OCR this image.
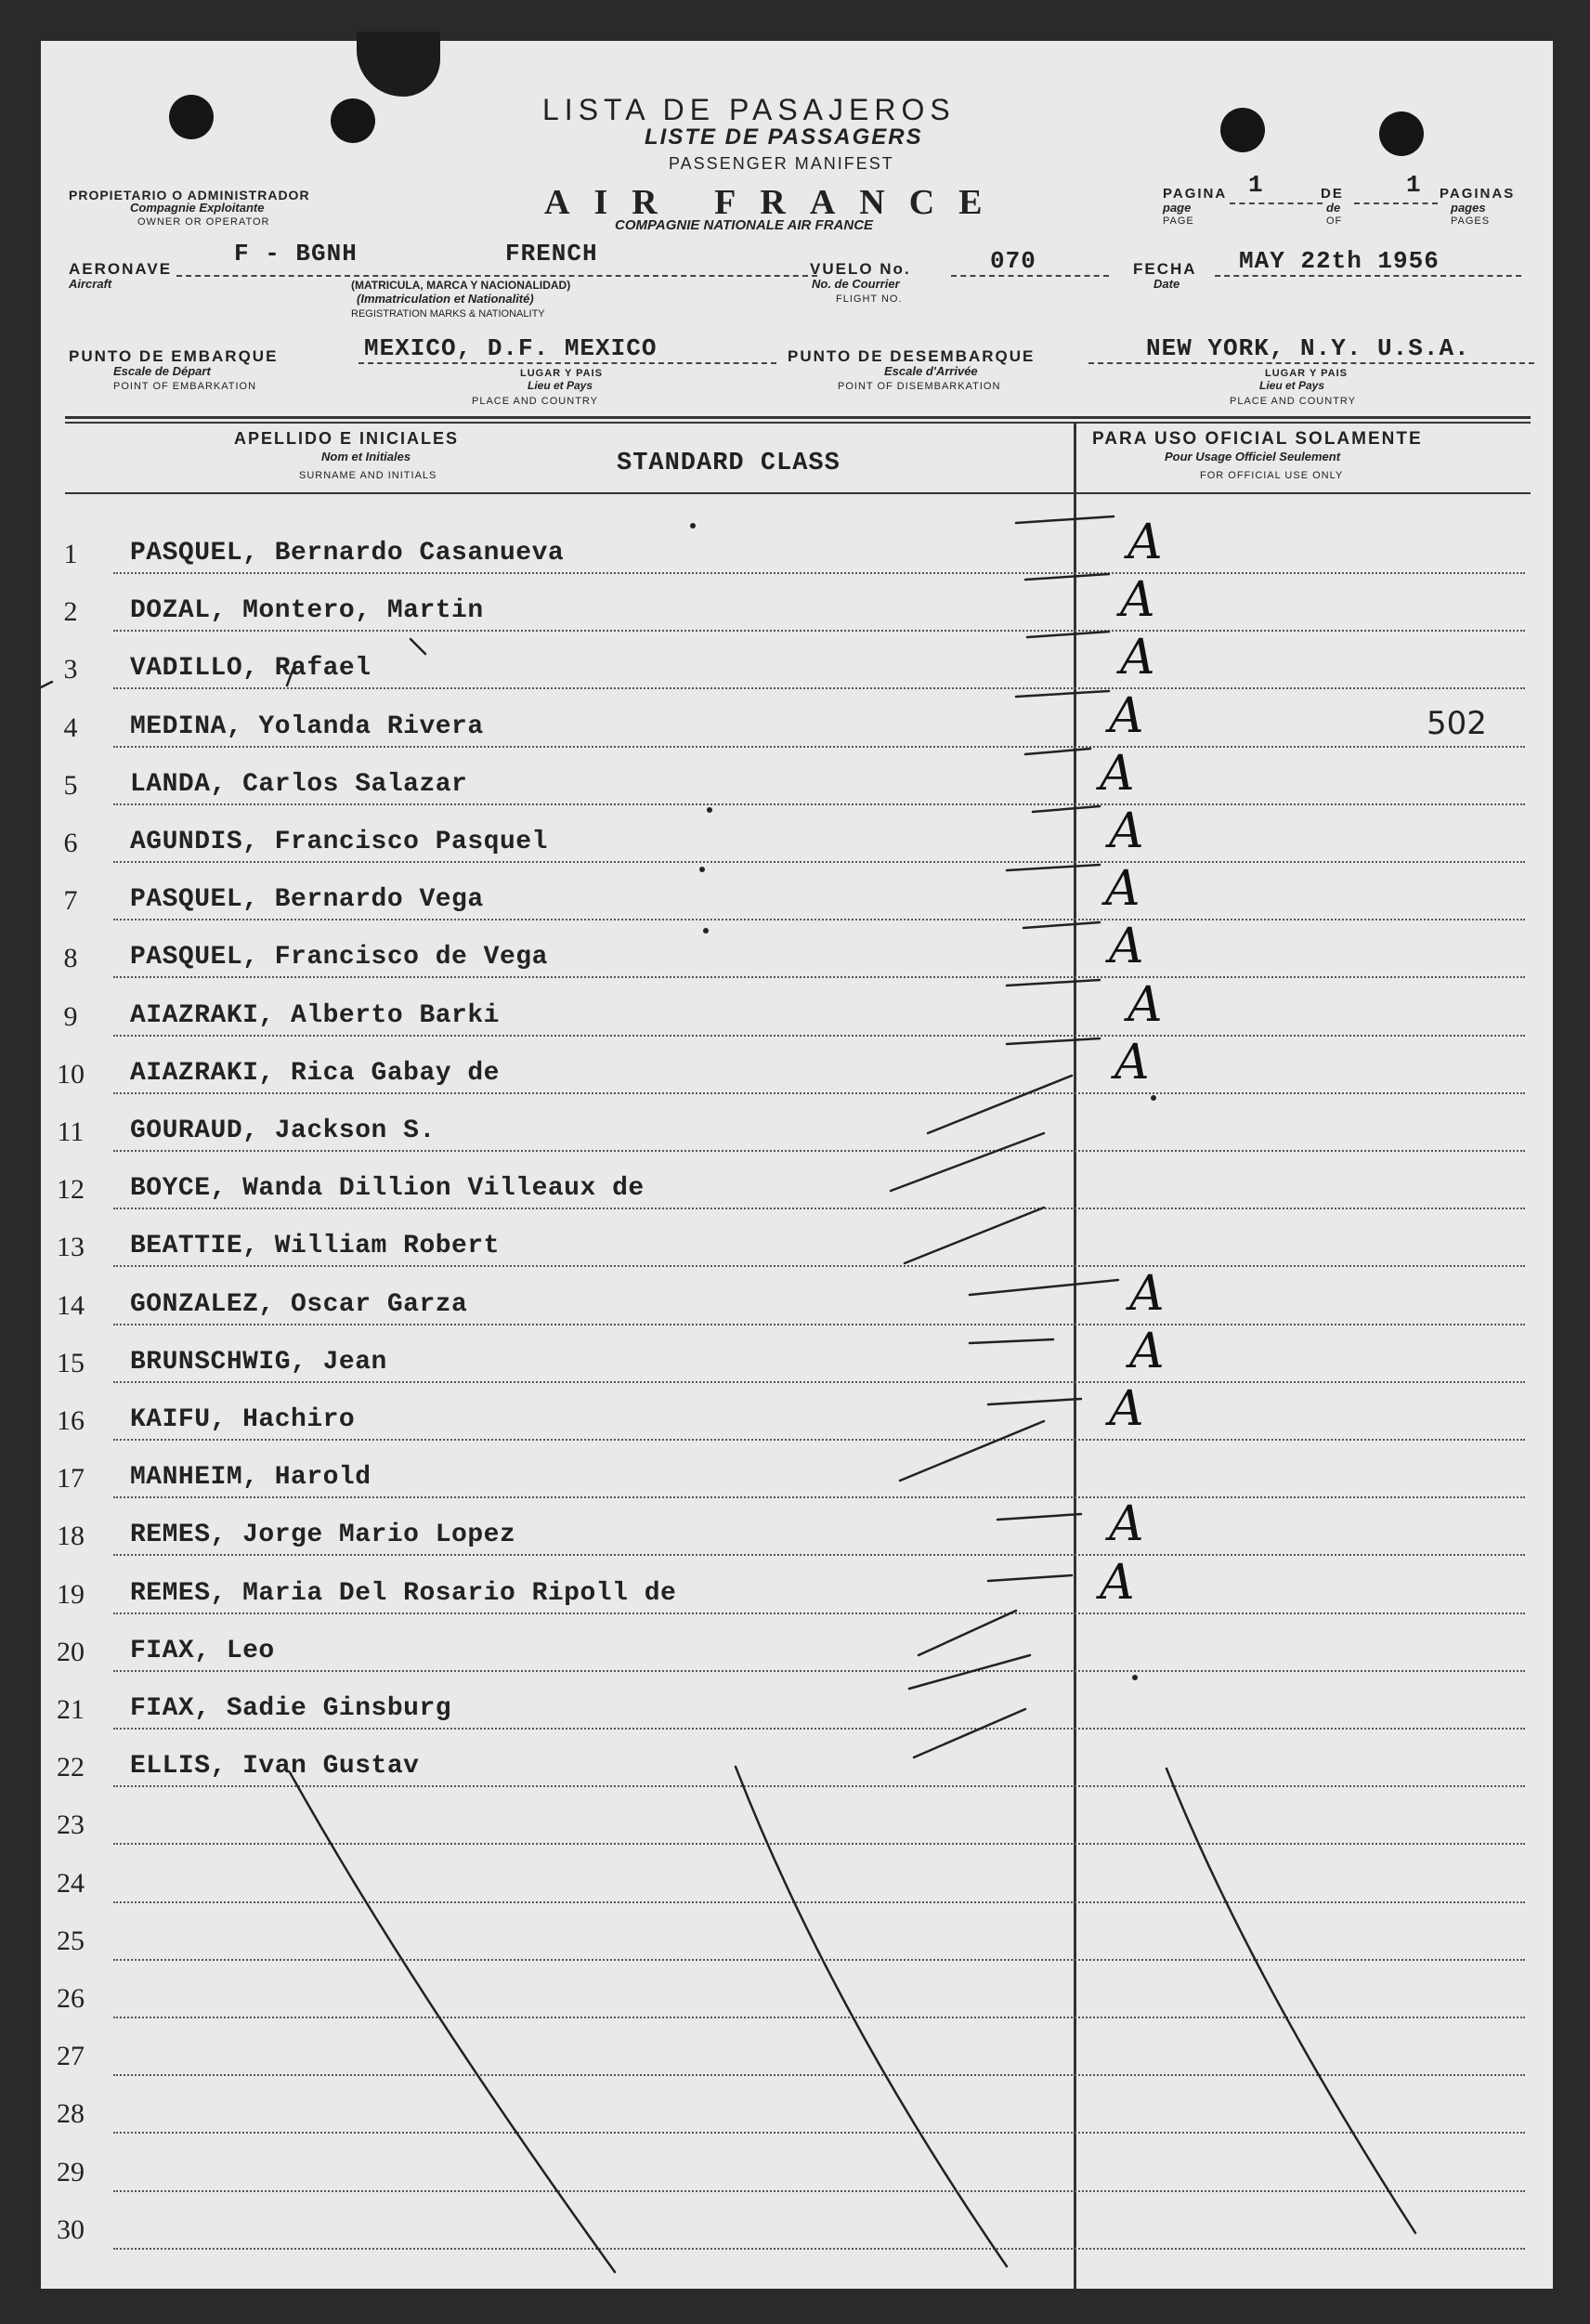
LISTA DE PASAJEROS
LISTE DE PASSAGERS
PASSENGER MANIFEST
PROPIETARIO O ADMINISTRADOR
Compagnie Exploitante
OWNER OR OPERATOR	AIR FRANCE
COMPAGNIE NATIONALE AIR FRANCE
PAGINA
page
PAGE
1	DE
de
OF
1 PAGINAS
pages
PAGES
AERONAVE
Aircraft
F - BGNH	FRENCH
(MATRICULA, MARCA Y NACIONALIDAD)
(Immatriculation et Nationalité)
REGISTRATION MARKS & NATIONALITY
VUELO No.
No. de Courrier
FLIGHT NO.
070	FECHA
Date
MAY 22th 1956
PUNTO DE EMBARQUE
Escale de Départ
POINT OF EMBARKATION
MEXICO, D.F. MEXICO
LUGAR Y PAIS
Lieu et Pays
PLACE AND COUNTRY
PUNTO DE DESEMBARQUE
Escale d'Arrivée
POINT OF DISEMBARKATION
NEW YORK, N.Y. U.S.A.
LUGAR Y PAIS
Lieu et Pays
PLACE AND COUNTRY
APELLIDO E INICIALES
Nom et Initiales
SURNAME AND INITIALS	STANDARD CLASS
PARA USO OFICIAL SOLAMENTE
Pour Usage Officiel Seulement
FOR OFFICIAL USE ONLY
1	PASQUEL, Bernardo Casanueva	A
2	DOZAL, Montero, Martin	A
3	VADILLO, Rafael	A
4	MEDINA, Yolanda Rivera	A	502
5	LANDA, Carlos Salazar	A
6	AGUNDIS, Francisco Pasquel	A
7	PASQUEL, Bernardo Vega	A
8	PASQUEL, Francisco de Vega	A
9	AIAZRAKI, Alberto Barki	A
10 AIAZRAKI, Rica Gabay de	A
11 GOURAUD, Jackson S.
12 BOYCE, Wanda Dillion Villeaux de
13 BEATTIE, William Robert
14 GONZALEZ, Oscar Garza	A
15 BRUNSCHWIG, Jean	A
16 KAIFU, Hachiro	A
17 MANHEIM, Harold
18 REMES, Jorge Mario Lopez	A
19 REMES, Maria Del Rosario Ripoll de	A
20 FIAX, Leo
21 FIAX, Sadie Ginsburg
22 ELLIS, Ivan Gustav
23
24
25
26
27
28
29
30
